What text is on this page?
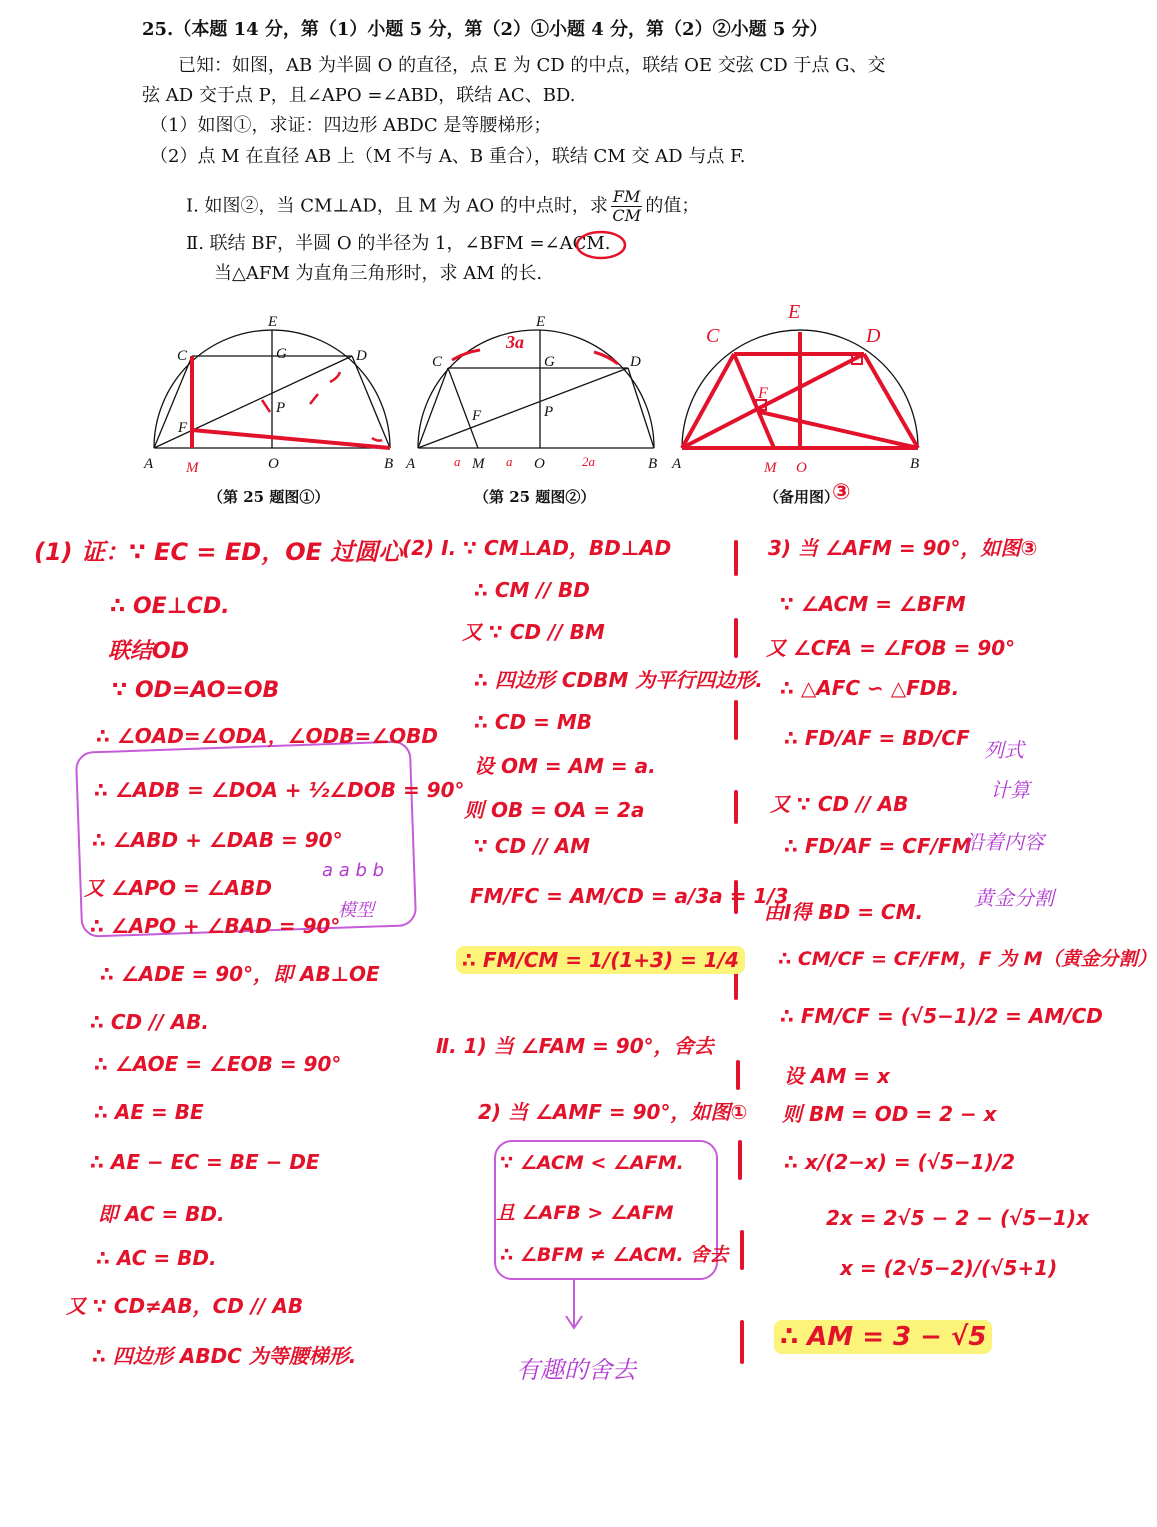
25.（本题 14 分，第（1）小题 5 分，第（2）①小题 4 分，第（2）②小题 5 分）
已知：如图，AB 为半圆 O 的直径，点 E 为 CD 的中点，联结 OE 交弦 CD 于点 G、交
弦 AD 交于点 P，且∠APO =∠ABD，联结 AC、BD.
（1）如图①，求证：四边形 ABDC 是等腰梯形；
（2）点 M 在直径 AB 上（M 不与 A、B 重合），联结 CM 交 AD 与点 F.
Ⅰ. 如图②，当 CM⊥AD，且 M 为 AO 的中点时，求 $\frac{FM}{CM}$ 的值；
Ⅱ. 联结 BF，半圆 O 的半径为 1，∠BFM =∠ACM.
当△AFM 为直角三角形时，求 AM 的长.
E
C	G	D
P
F
A M	O	B
（第 25 题图①）
3a
a	a	2a
E
C	G	D
F	P
A	M	O	B
（第 25 题图②）
C
E
D
F
A	M O	B
（备用图）
③
(1) 证：∵ EC = ED，OE 过圆心
∴ OE⊥CD.
联结OD
∵ OD=AO=OB
∴ ∠OAD=∠ODA，∠ODB=∠OBD
∴ ∠ADB = ∠DOA + ½∠DOB = 90°
∴ ∠ABD + ∠DAB = 90°
又 ∠APO = ∠ABD
∴ ∠APO + ∠BAD = 90°
∴ ∠ADE = 90°，即 AB⊥OE
∴ CD // AB.
∴ ∠AOE = ∠EOB = 90°
∴ AE = BE
∴ AE − EC = BE − DE
即 AC = BD.
∴ AC = BD.
又 ∵ CD≠AB，CD // AB
∴ 四边形 ABDC 为等腰梯形.
a a b b
模型
(2) Ⅰ. ∵ CM⊥AD，BD⊥AD
∴ CM // BD
又 ∵ CD // BM
∴ 四边形 CDBM 为平行四边形.
∴ CD = MB
设 OM = AM = a.
则 OB = OA = 2a
∵ CD // AM
FM/FC = AM/CD = a/3a = 1/3
∴ FM/CM = 1/(1+3) = 1/4
Ⅱ. 1) 当 ∠FAM = 90°，舍去
2) 当 ∠AMF = 90°，如图①
∵ ∠ACM < ∠AFM.
且 ∠AFB > ∠AFM
∴ ∠BFM ≠ ∠ACM. 舍去
有趣的舍去
3) 当 ∠AFM = 90°，如图③
∵ ∠ACM = ∠BFM
又 ∠CFA = ∠FOB = 90°
∴ △AFC ∽ △FDB.
∴ FD/AF = BD/CF
又 ∵ CD // AB
∴ FD/AF = CF/FM
由Ⅰ得 BD = CM.
∴ CM/CF = CF/FM，F 为 M（黄金分割）
∴ FM/CF = (√5−1)/2 = AM/CD
设 AM = x
则 BM = OD = 2 − x
∴ x/(2−x) = (√5−1)/2
2x = 2√5 − 2 − (√5−1)x
x = (2√5−2)/(√5+1)
∴ AM = 3 − √5
列式
计算
沿着内容
黄金分割
